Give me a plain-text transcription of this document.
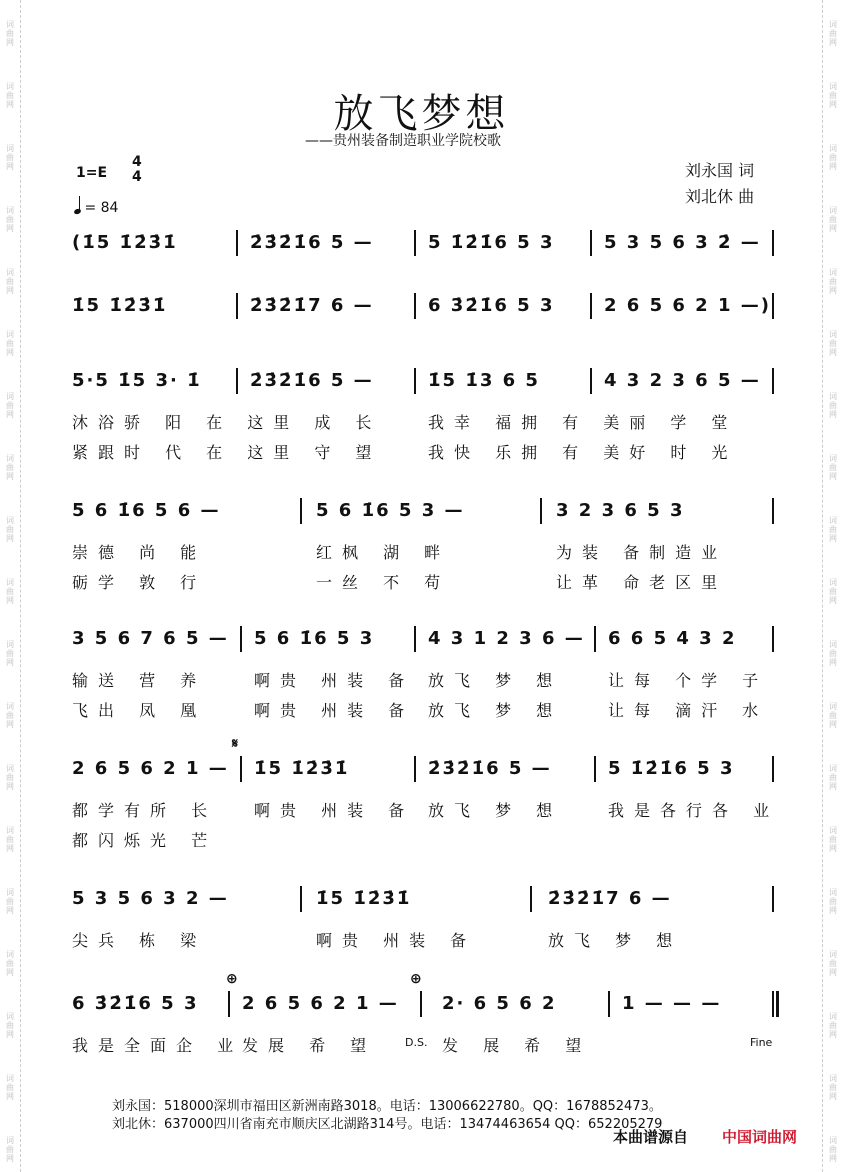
词
曲
网
词
曲
网
词
曲
网
词
曲
网
词
曲
网
词
曲
网
词
曲
网
词
曲
网
词
曲
网
词
曲
网
词
曲
网
词
曲
网
词
曲
网
词
曲
网
词
曲
网
词
曲
网
词
曲
网
词
曲
网
词
曲
网
词
曲
网
词
曲
网
词
曲
网
词
曲
网
词
曲
网
词
曲
网
词
曲
网
词
曲
网
词
曲
网
词
曲
网
词
曲
网
词
曲
网
词
曲
网
词
曲
网
词
曲
网
词
曲
网
词
曲
网
词
曲
网
词
曲
网
放飞梦想
——贵州装备制造职业学院校歌
1=E
4
4
= 84
刘永国 词
刘北休 曲
(1̇5 1̇2̇3̇1̇	2̇3̇2̇1̇6 5 —	5 1̇2̇1̇6 5 3	5 3 5 6 3 2̇ —
1̇5 1̇2̇3̇1̇	2̇3̇2̇1̇7 6 —	6 3̇2̇1̇6 5 3	2 6 5 6 2 1 —)
5·5 1̇5 3· 1̇	2̇3̇2̇1̇6 5 —	1̇5 1̇3 6 5	4 3 2 3 6 5 —
沐浴骄 阳 在 这里 成 长	我幸 福拥 有 美丽 学 堂
紧跟时 代 在 这里 守 望	我快 乐拥 有 美好 时 光
5 6 1̇6 5 6 —	5 6 1̇6 5 3 —	3 2 3 6 5 3
崇德 尚 能	红枫 湖 畔	为装 备制造业
砺学 敦 行	一丝 不 苟	让革 命老区里
3 5 6 7 6 5 — 5 6 1̇6 5 3	4 3 1 2 3 6 — 6 6 5 4 3 2
输送 营 养	啊贵 州装 备 放飞 梦 想	让每 个学 子
飞出 凤 凰	啊贵 州装 备 放飞 梦 想	让每 滴汗 水
2 6 5 6 2 1 — 1̇5 1̇2̇3̇1̇	2̇3̇2̇1̇6 5 —	5 1̇2̇1̇6 5 3
都学有所 长 啊贵 州装 备 放飞 梦 想	我是各行各 业
都闪烁光 芒
5 3 5 6 3 2 —	1̇5 1̇2̇3̇1̇	2̇3̇2̇1̇7 6 —
尖兵 栋 梁	啊贵 州装 备	放飞 梦 想
6 3̇2̇1̇6 5 3 2 6 5 6 2 1 — 2· 6 5 6 2	1 — — —
我是全面企 业
发展 希 望	发 展 希 望
𝄋
⊕	⊕
D.S.	Fine
刘永国：518000深圳市福田区新洲南路3018。电话：13006622780。QQ：1678852473。
刘北休：637000四川省南充市顺庆区北湖路314号。电话：13474463654 QQ：652205279
本曲谱源自 中国词曲网
